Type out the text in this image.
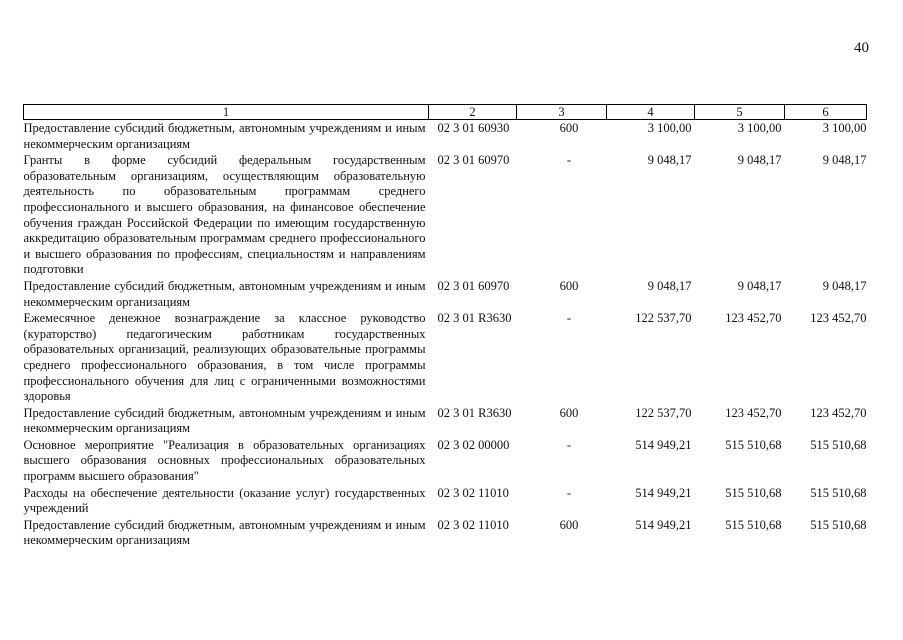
40
1	2	3	4	5	6
Предоставление субсидий бюджетным, автономным учреждениям и иным некоммерческим организациям	02 3 01 60930	600	3 100,00	3 100,00	3 100,00
Гранты в форме субсидий федеральным государственным образовательным организациям, осуществляющим образовательную деятельность по образовательным программам среднего профессионального и высшего образования, на финансовое обеспечение обучения граждан Российской Федерации по имеющим государственную аккредитацию образовательным программам среднего профессионального и высшего образования по профессиям, специальностям и направлениям подготовки	02 3 01 60970	-	9 048,17	9 048,17	9 048,17
Предоставление субсидий бюджетным, автономным учреждениям и иным некоммерческим организациям	02 3 01 60970	600	9 048,17	9 048,17	9 048,17
Ежемесячное денежное вознаграждение за классное руководство (кураторство) педагогическим работникам государственных образовательных организаций, реализующих образовательные программы среднего профессионального образования, в том числе программы профессионального обучения для лиц с ограниченными возможностями здоровья	02 3 01 R3630	-	122 537,70	123 452,70	123 452,70
Предоставление субсидий бюджетным, автономным учреждениям и иным некоммерческим организациям	02 3 01 R3630	600	122 537,70	123 452,70	123 452,70
Основное мероприятие "Реализация в образовательных организациях высшего образования основных профессиональных образовательных программ высшего образования"	02 3 02 00000	-	514 949,21	515 510,68	515 510,68
Расходы на обеспечение деятельности (оказание услуг) государственных учреждений	02 3 02 11010	-	514 949,21	515 510,68	515 510,68
Предоставление субсидий бюджетным, автономным учреждениям и иным некоммерческим организациям	02 3 02 11010	600	514 949,21	515 510,68	515 510,68
